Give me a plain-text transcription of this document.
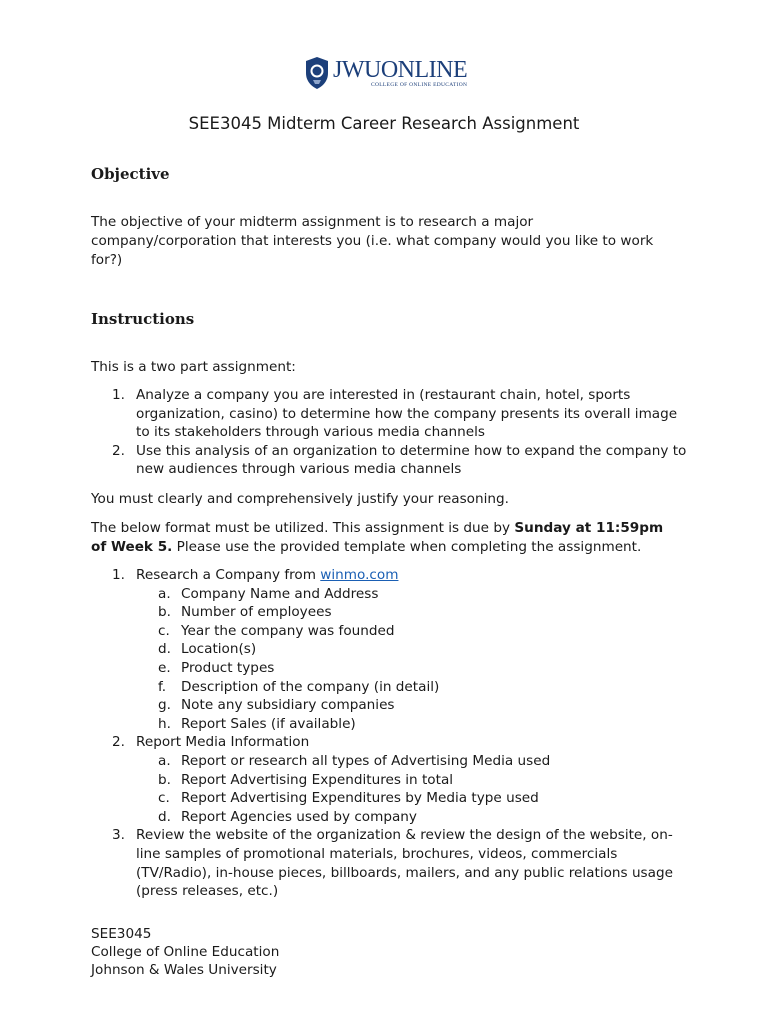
JWUONLINE
COLLEGE OF ONLINE EDUCATION
SEE3045 Midterm Career Research Assignment
Objective
The objective of your midterm assignment is to research a major company/corporation that interests you (i.e. what company would you like to work for?)
Instructions
This is a two part assignment:
1. Analyze a company you are interested in (restaurant chain, hotel, sports organization, casino) to determine how the company presents its overall image to its stakeholders through various media channels
2. Use this analysis of an organization to determine how to expand the company to new audiences through various media channels
You must clearly and comprehensively justify your reasoning.
The below format must be utilized. This assignment is due by Sunday at 11:59pm of Week 5. Please use the provided template when completing the assignment.
1. Research a Company from winmo.com
a. Company Name and Address
b. Number of employees
c. Year the company was founded
d. Location(s)
e. Product types
f. Description of the company (in detail)
g. Note any subsidiary companies
h. Report Sales (if available)
2. Report Media Information
a. Report or research all types of Advertising Media used
b. Report Advertising Expenditures in total
c. Report Advertising Expenditures by Media type used
d. Report Agencies used by company
3. Review the website of the organization & review the design of the website, on-line samples of promotional materials, brochures, videos, commercials (TV/Radio), in-house pieces, billboards, mailers, and any public relations usage (press releases, etc.)
SEE3045
College of Online Education
Johnson & Wales University
